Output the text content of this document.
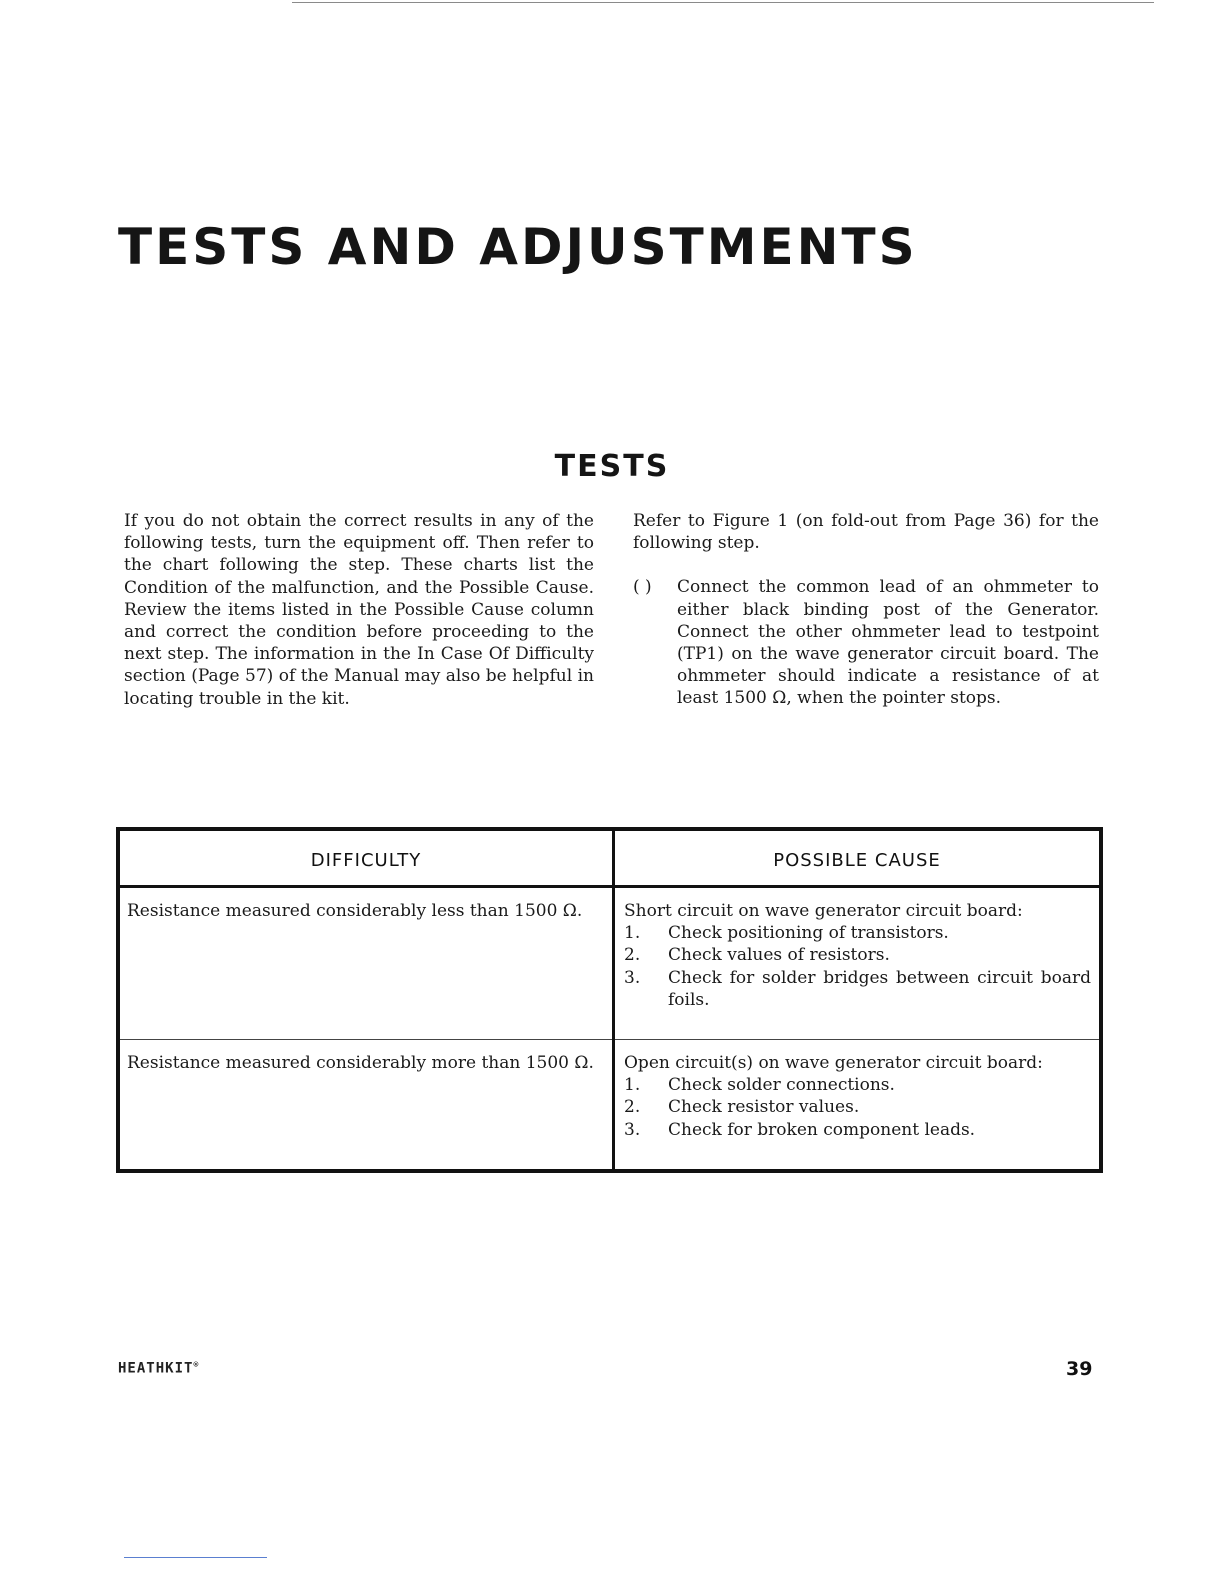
TESTS AND ADJUSTMENTS
TESTS

If you do not obtain the correct results in any of the following tests, turn the equipment off. Then refer to the chart following the step. These charts list the Condition of the malfunction, and the Possible Cause. Review the items listed in the Possible Cause column and correct the condition before proceeding to the next step. The information in the In Case Of Difficulty section (Page 57) of the Manual may also be helpful in locating trouble in the kit.

Refer to Figure 1 (on fold-out from Page 36) for the following step.

( ) Connect the common lead of an ohmmeter to either black binding post of the Generator. Connect the other ohmmeter lead to testpoint (TP1) on the wave generator circuit board. The ohmmeter should indicate a resistance of at least 1500 Ω, when the pointer stops.
DIFFICULTY	POSSIBLE CAUSE
Resistance measured considerably less than 1500 Ω.	Short circuit on wave generator circuit board:
1. Check positioning of transistors.
2. Check values of resistors.
3. Check for solder bridges between circuit board foils.
Resistance measured considerably more than 1500 Ω.	Open circuit(s) on wave generator circuit board:
1. Check solder connections.
2. Check resistor values.
3. Check for broken component leads.
HEATHKIT®	39
